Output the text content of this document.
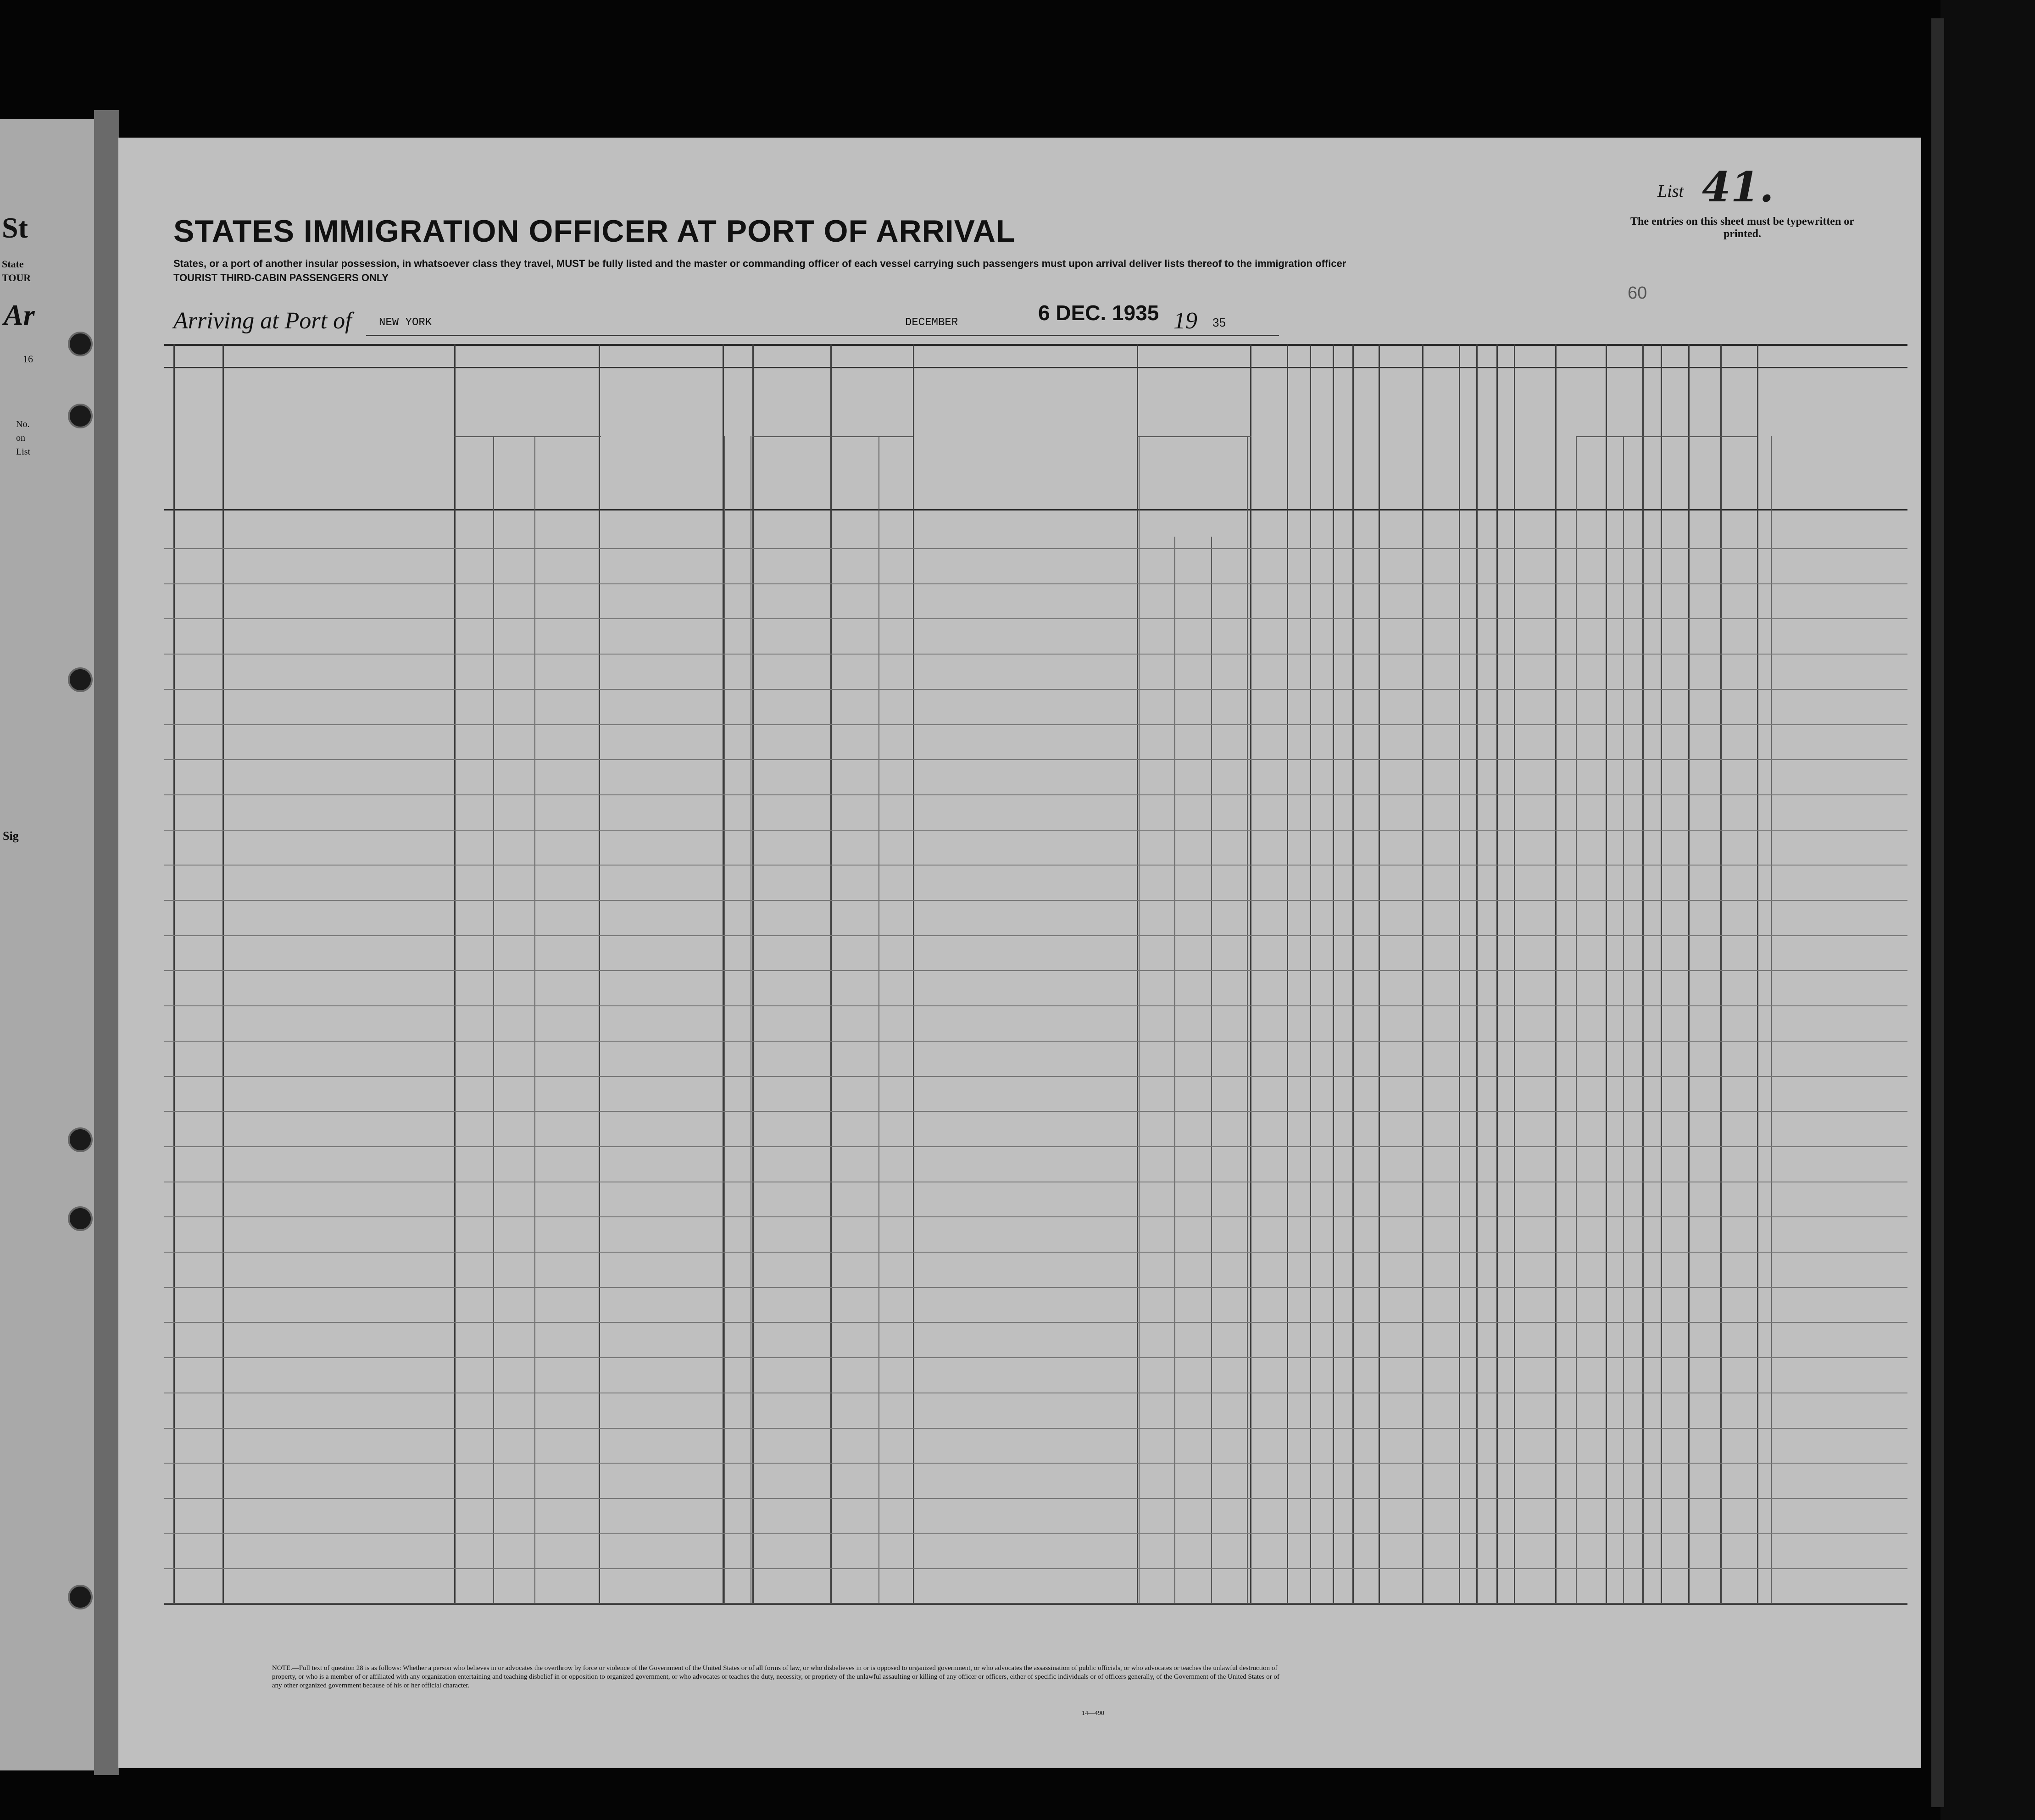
St
State
TOUR
Ar
16
No.
on
List
Sig
List 41.
The entries on this sheet must be typewritten or printed.
STATES IMMIGRATION OFFICER AT PORT OF ARRIVAL
States, or a port of another insular possession, in whatsoever class they travel, MUST be fully listed and the master or commanding officer of each vessel carrying such passengers must upon arrival deliver lists thereof to the immigration officer
TOURIST THIRD-CABIN PASSENGERS ONLY
Arriving at Port of NEW YORK	DECEMBER	6 DEC. 1935 19 35
60
NOTE.—Full text of question 28 is as follows: Whether a person who believes in or advocates the overthrow by force or violence of the Government of the United States or of all forms of law, or who disbelieves in or is opposed to organized government, or who advocates the assassination of public officials, or who advocates or teaches the unlawful destruction of property, or who is a member of or affiliated with any organization entertaining and teaching disbelief in or opposition to organized government, or who advocates or teaches the duty, necessity, or propriety of the unlawful assaulting or killing of any officer or officers, either of specific individuals or of officers generally, of the Government of the United States or of any other organized government because of his or her official character.
14—490
